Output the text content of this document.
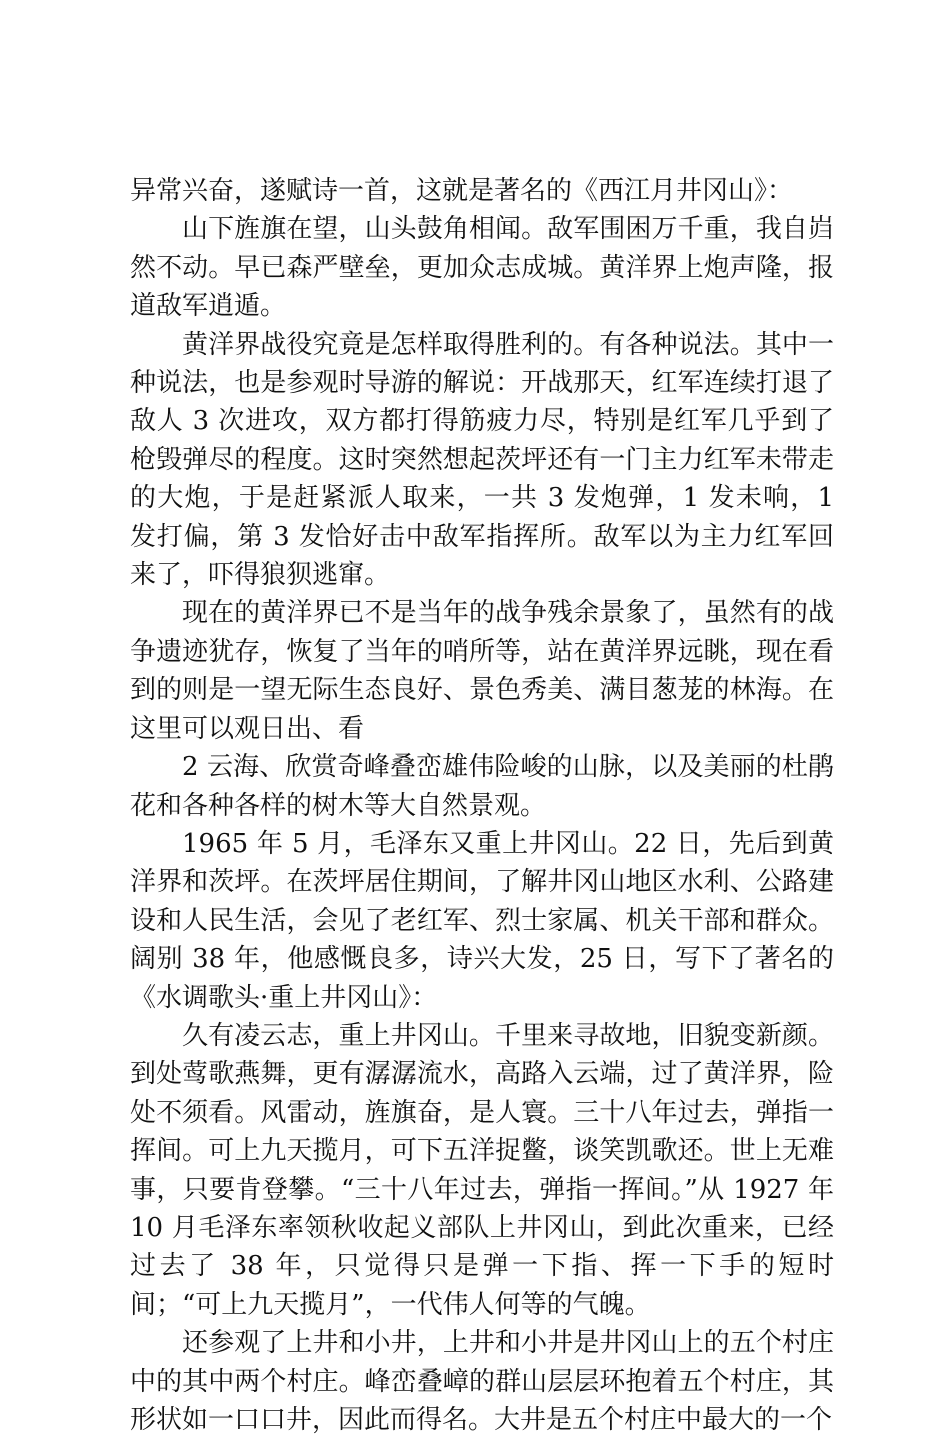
异常兴奋，遂赋诗一首，这就是著名的《西江月井冈山》：

山下旌旗在望，山头鼓角相闻。敌军围困万千重，我自岿然不动。早已森严壁垒，更加众志成城。黄洋界上炮声隆，报道敌军逍遁。

黄洋界战役究竟是怎样取得胜利的。有各种说法。其中一种说法，也是参观时导游的解说：开战那天，红军连续打退了敌人 3 次进攻，双方都打得筋疲力尽，特别是红军几乎到了枪毁弹尽的程度。这时突然想起茨坪还有一门主力红军未带走的大炮，于是赶紧派人取来，一共 3 发炮弹，1 发未响，1 发打偏，第 3 发恰好击中敌军指挥所。敌军以为主力红军回来了，吓得狼狈逃窜。

现在的黄洋界已不是当年的战争残余景象了，虽然有的战争遗迹犹存，恢复了当年的哨所等，站在黄洋界远眺，现在看到的则是一望无际生态良好、景色秀美、满目葱茏的林海。在这里可以观日出、看

2 云海、欣赏奇峰叠峦雄伟险峻的山脉，以及美丽的杜鹃花和各种各样的树木等大自然景观。

1965 年 5 月，毛泽东又重上井冈山。22 日，先后到黄洋界和茨坪。在茨坪居住期间，了解井冈山地区水利、公路建设和人民生活，会见了老红军、烈士家属、机关干部和群众。阔别 38 年，他感慨良多，诗兴大发，25 日，写下了著名的《水调歌头·重上井冈山》：

久有凌云志，重上井冈山。千里来寻故地，旧貌变新颜。到处莺歌燕舞，更有潺潺流水，高路入云端，过了黄洋界，险处不须看。风雷动，旌旗奋，是人寰。三十八年过去，弹指一挥间。可上九天揽月，可下五洋捉鳖，谈笑凯歌还。世上无难事，只要肯登攀。“三十八年过去，弹指一挥间。”从 1927 年 10 月毛泽东率领秋收起义部队上井冈山，到此次重来，已经过去了 38 年，只觉得只是弹一下指、挥一下手的短时间；“可上九天揽月”，一代伟人何等的气魄。

还参观了上井和小井，上井和小井是井冈山上的五个村庄中的其中两个村庄。峰峦叠嶂的群山层层环抱着五个村庄，其形状如一口口井，因此而得名。大井是五个村庄中最大的一个
